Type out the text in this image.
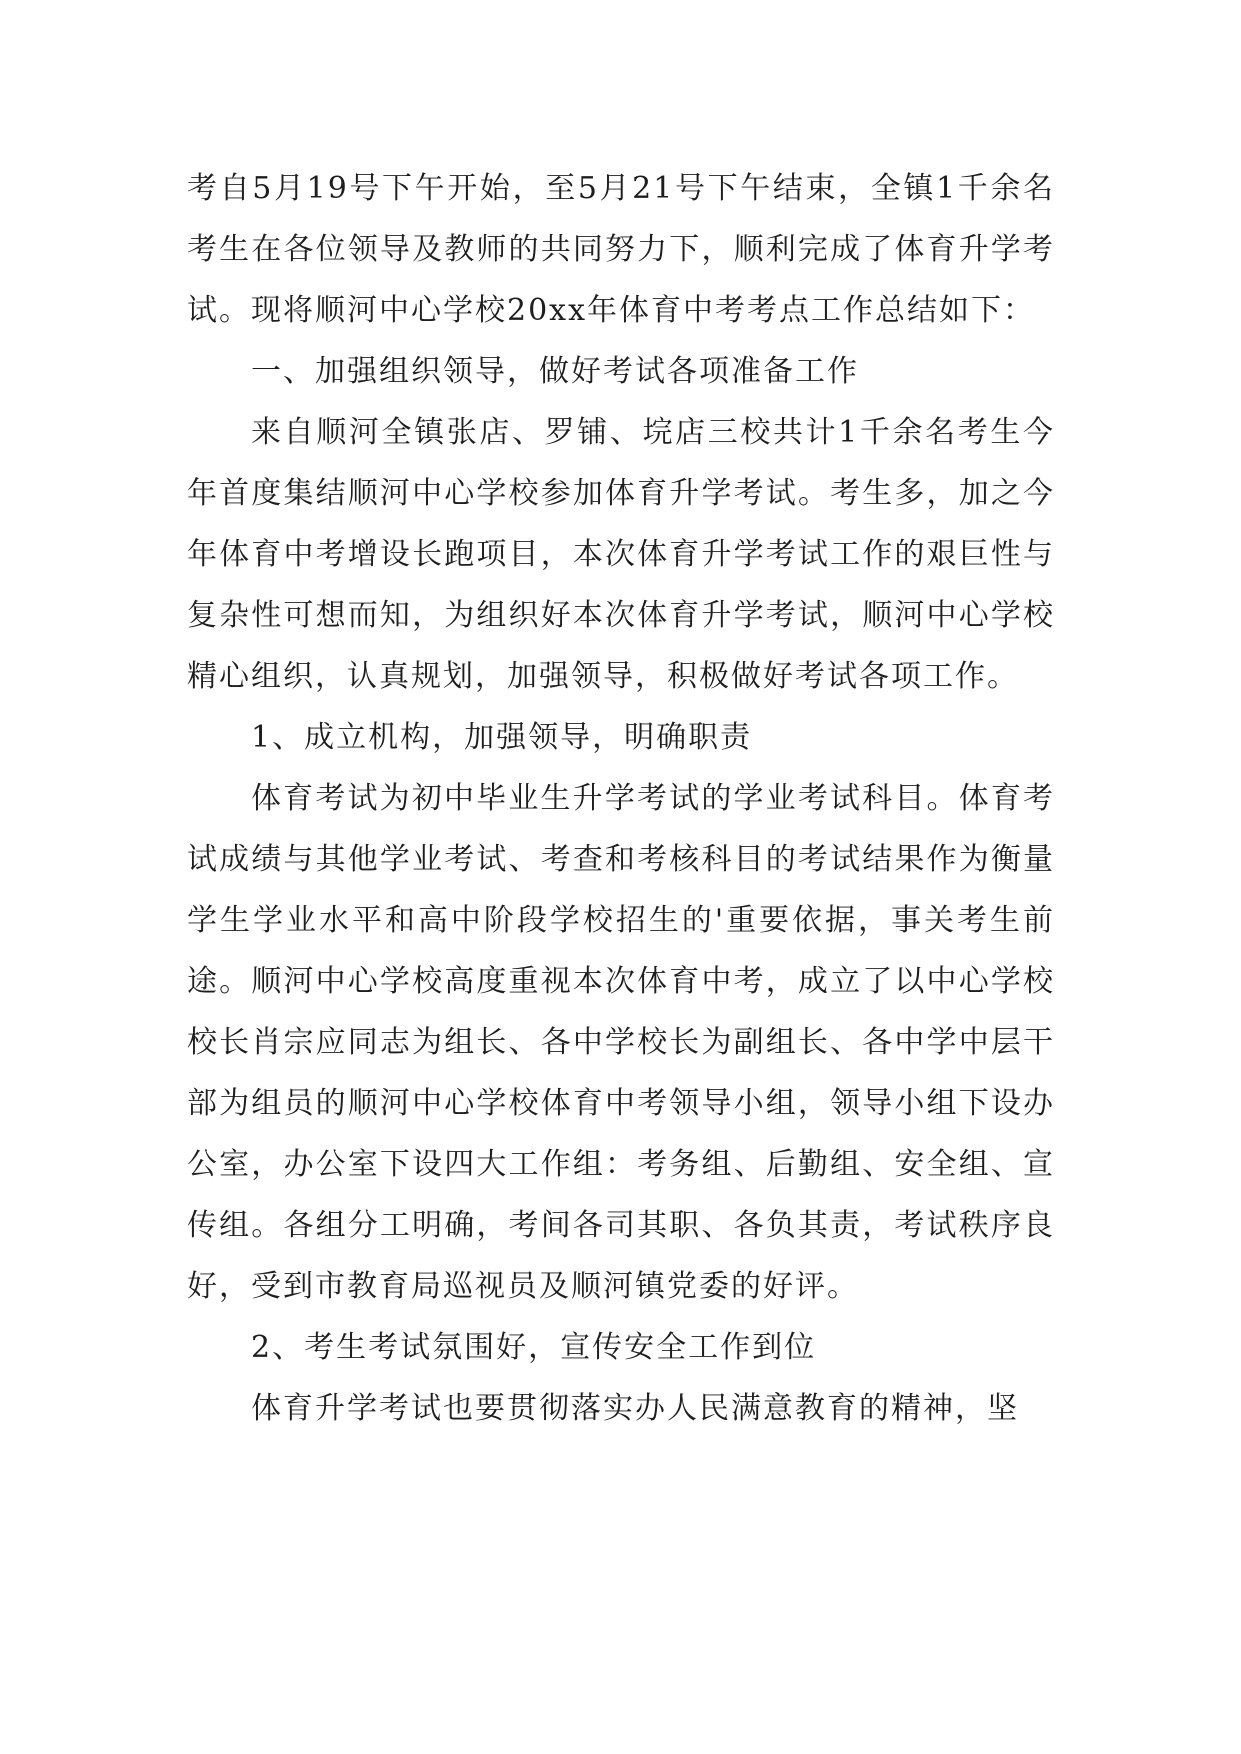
考自5月19号下午开始，至5月21号下午结束，全镇1千余名考生在各位领导及教师的共同努力下，顺利完成了体育升学考试。现将顺河中心学校20xx年体育中考考点工作总结如下：

一、加强组织领导，做好考试各项准备工作

来自顺河全镇张店、罗铺、垸店三校共计1千余名考生今年首度集结顺河中心学校参加体育升学考试。考生多，加之今年体育中考增设长跑项目，本次体育升学考试工作的艰巨性与复杂性可想而知，为组织好本次体育升学考试，顺河中心学校精心组织，认真规划，加强领导，积极做好考试各项工作。

1、成立机构，加强领导，明确职责

体育考试为初中毕业生升学考试的学业考试科目。体育考试成绩与其他学业考试、考查和考核科目的考试结果作为衡量学生学业水平和高中阶段学校招生的'重要依据，事关考生前途。顺河中心学校高度重视本次体育中考，成立了以中心学校校长肖宗应同志为组长、各中学校长为副组长、各中学中层干部为组员的顺河中心学校体育中考领导小组，领导小组下设办公室，办公室下设四大工作组：考务组、后勤组、安全组、宣传组。各组分工明确，考间各司其职、各负其责，考试秩序良好，受到市教育局巡视员及顺河镇党委的好评。

2、考生考试氛围好，宣传安全工作到位

体育升学考试也要贯彻落实办人民满意教育的精神，坚
